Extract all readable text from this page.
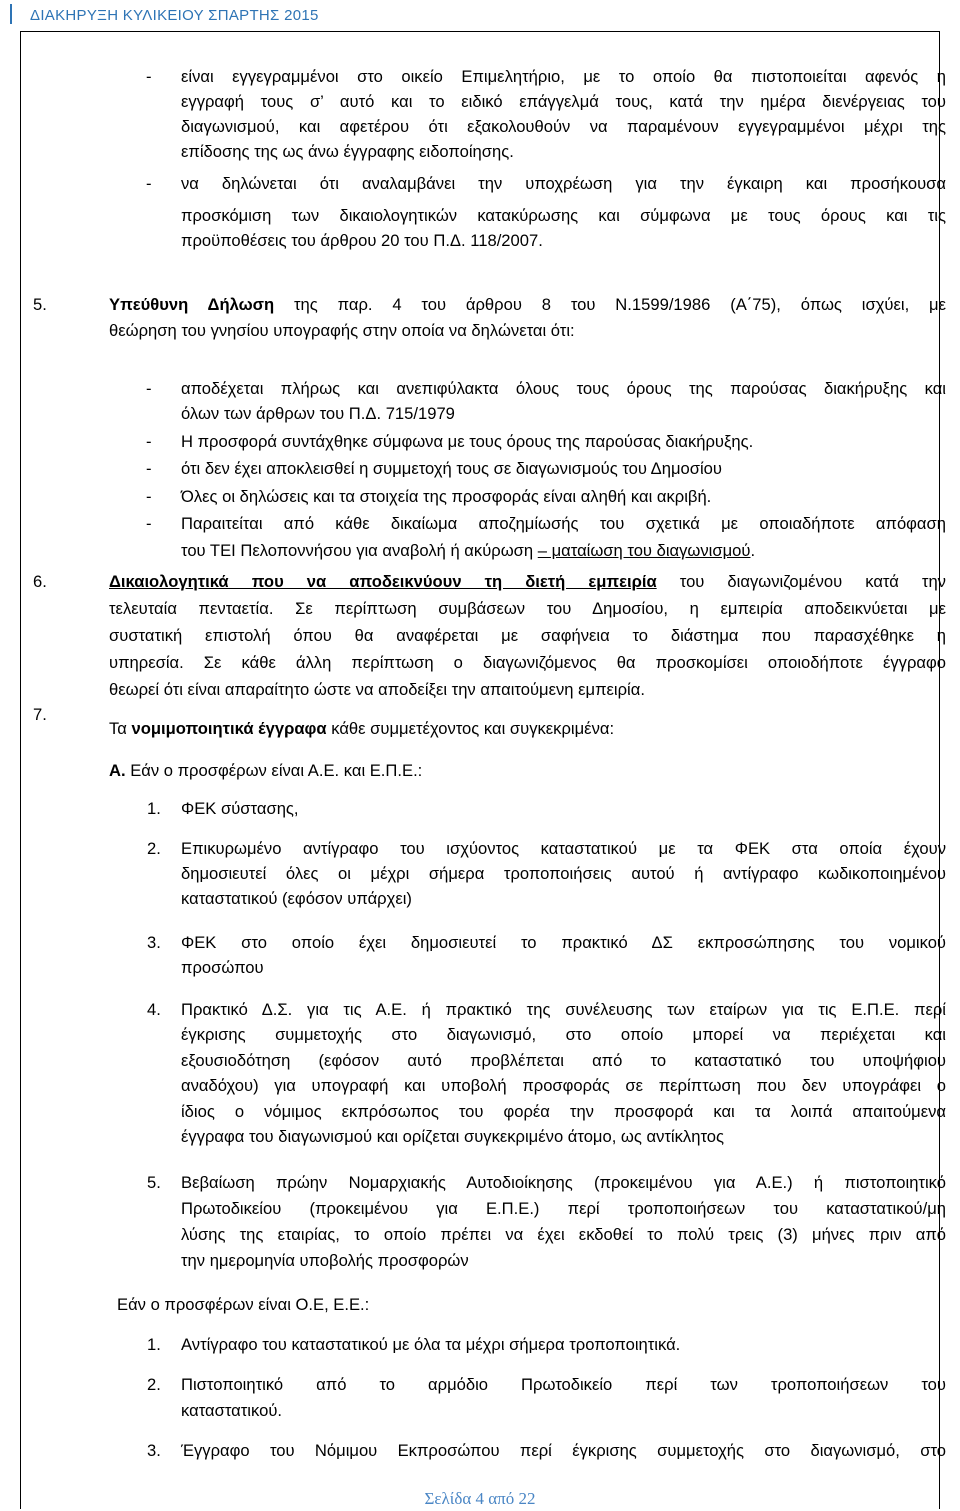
ΔΙΑΚΗΡΥΞΗ ΚΥΛΙΚΕΙΟΥ ΣΠΑΡΤΗΣ 2015
- είναι εγγεγραμμένοι στο οικείο Επιμελητήριο, με το οποίο θα πιστοποιείται αφενός η
εγγραφή τους σ’ αυτό και το ειδικό επάγγελμά τους, κατά την ημέρα διενέργειας του
διαγωνισμού, και αφετέρου ότι εξακολουθούν να παραμένουν εγγεγραμμένοι μέχρι της
επίδοσης της ως άνω έγγραφης ειδοποίησης.
- να δηλώνεται ότι αναλαμβάνει την υποχρέωση για την έγκαιρη και προσήκουσα
προσκόμιση των δικαιολογητικών κατακύρωσης και σύμφωνα με τους όρους και τις
προϋποθέσεις του άρθρου 20 του Π.Δ. 118/2007.
5.	Υπεύθυνη Δήλωση της παρ. 4 του άρθρου 8 του Ν.1599/1986 (Α΄75), όπως ισχύει, με
θεώρηση του γνησίου υπογραφής στην οποία να δηλώνεται ότι:
- αποδέχεται πλήρως και ανεπιφύλακτα όλους τους όρους της παρούσας διακήρυξης και
όλων των άρθρων του Π.Δ. 715/1979
- Η προσφορά συντάχθηκε σύμφωνα με τους όρους της παρούσας διακήρυξης.
- ότι δεν έχει αποκλεισθεί η συμμετοχή τους σε διαγωνισμούς του Δημοσίου
- Όλες οι δηλώσεις και τα στοιχεία της προσφοράς είναι αληθή και ακριβή.
- Παραιτείται από κάθε δικαίωμα αποζημίωσής του σχετικά με οποιαδήποτε απόφαση
του ΤΕΙ Πελοποννήσου για αναβολή ή ακύρωση – ματαίωση του διαγωνισμού.
6.	Δικαιολογητικά που να αποδεικνύουν τη διετή εμπειρία του διαγωνιζομένου κατά την
τελευταία πενταετία. Σε περίπτωση συμβάσεων του Δημοσίου, η εμπειρία αποδεικνύεται με
συστατική επιστολή όπου θα αναφέρεται με σαφήνεια το διάστημα που παρασχέθηκε η
υπηρεσία. Σε κάθε άλλη περίπτωση ο διαγωνιζόμενος θα προσκομίσει οποιοδήποτε έγγραφο
θεωρεί ότι είναι απαραίτητο ώστε να αποδείξει την απαιτούμενη εμπειρία.
7.
Τα νομιμοποιητικά έγγραφα κάθε συμμετέχοντος και συγκεκριμένα:
Α. Εάν ο προσφέρων είναι Α.Ε. και Ε.Π.Ε.:
1. ΦΕΚ σύστασης,
2. Επικυρωμένο αντίγραφο του ισχύοντος καταστατικού με τα ΦΕΚ στα οποία έχουν
δημοσιευτεί όλες οι μέχρι σήμερα τροποποιήσεις αυτού ή αντίγραφο κωδικοποιημένου
καταστατικού (εφόσον υπάρχει)
3. ΦΕΚ στο οποίο έχει δημοσιευτεί το πρακτικό ΔΣ εκπροσώπησης του νομικού
προσώπου
4. Πρακτικό Δ.Σ. για τις Α.Ε. ή πρακτικό της συνέλευσης των εταίρων για τις Ε.Π.Ε. περί
έγκρισης συμμετοχής στο διαγωνισμό, στο οποίο μπορεί να περιέχεται και
εξουσιοδότηση (εφόσον αυτό προβλέπεται από το καταστατικό του υποψήφιου
αναδόχου) για υπογραφή και υποβολή προσφοράς σε περίπτωση που δεν υπογράφει ο
ίδιος ο νόμιμος εκπρόσωπος του φορέα την προσφορά και τα λοιπά απαιτούμενα
έγγραφα του διαγωνισμού και ορίζεται συγκεκριμένο άτομο, ως αντίκλητος
5. Βεβαίωση πρώην Νομαρχιακής Αυτοδιοίκησης (προκειμένου για Α.Ε.) ή πιστοποιητικό
Πρωτοδικείου (προκειμένου για Ε.Π.Ε.) περί τροποποιήσεων του καταστατικού/μη
λύσης της εταιρίας, το οποίο πρέπει να έχει εκδοθεί το πολύ τρεις (3) μήνες πριν από
την ημερομηνία υποβολής προσφορών
Εάν ο προσφέρων είναι Ο.Ε, Ε.Ε.:
1. Αντίγραφο του καταστατικού με όλα τα μέχρι σήμερα τροποποιητικά.
2. Πιστοποιητικό από το αρμόδιο Πρωτοδικείο περί των τροποποιήσεων του
καταστατικού.
3. Έγγραφο του Νόμιμου Εκπροσώπου περί έγκρισης συμμετοχής στο διαγωνισμό, στο
Σελίδα 4 από 22
